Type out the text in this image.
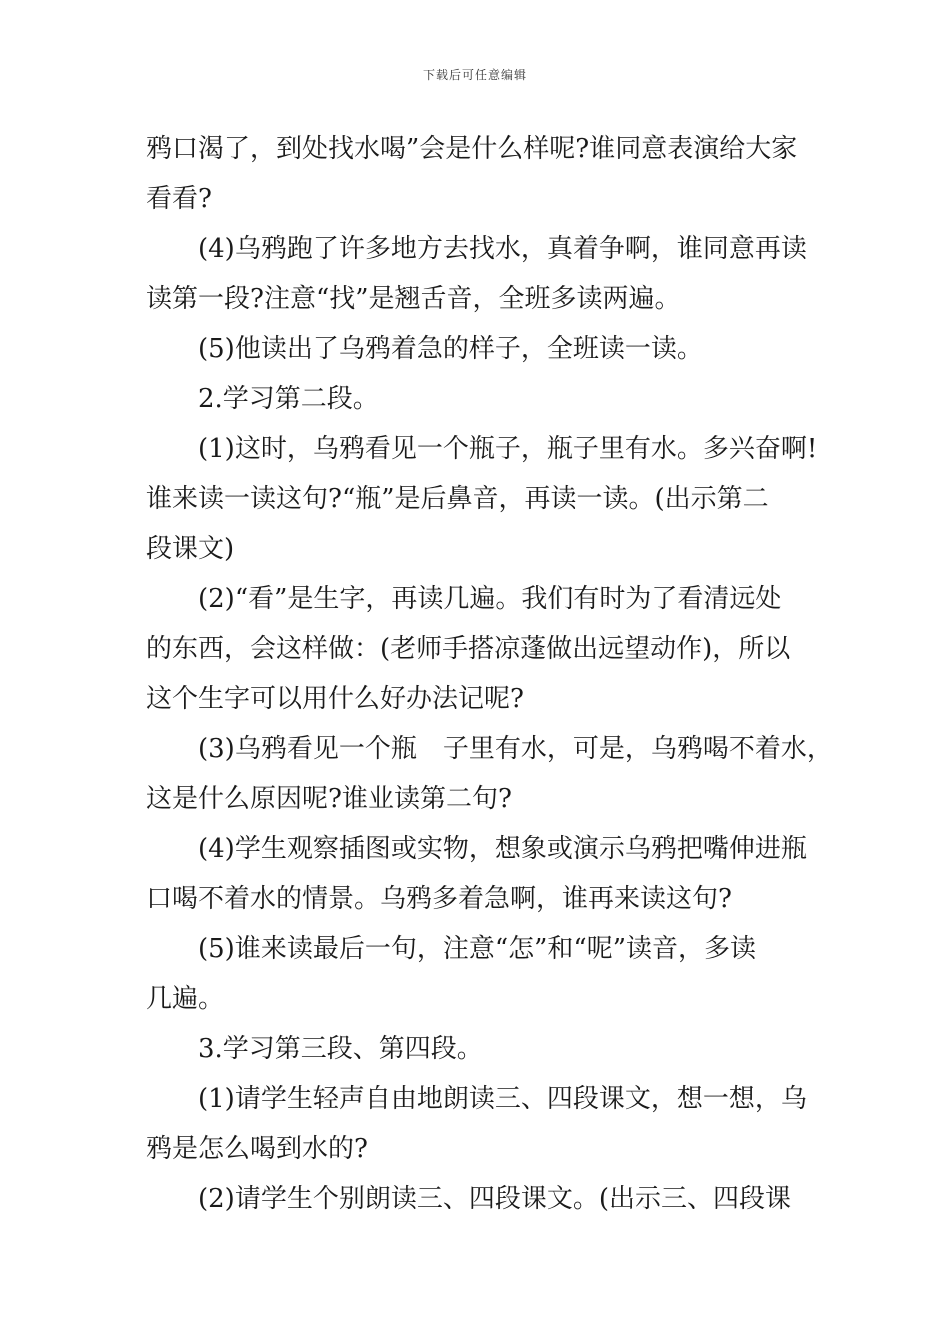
下载后可任意编辑
鸦口渴了，到处找水喝”会是什么样呢?谁同意表演给大家
看看?
(4)乌鸦跑了许多地方去找水，真着争啊，谁同意再读
读第一段?注意“找”是翘舌音，全班多读两遍。
(5)他读出了乌鸦着急的样子，全班读一读。
2.学习第二段。
(1)这时，乌鸦看见一个瓶子，瓶子里有水。多兴奋啊!
谁来读一读这句?“瓶”是后鼻音，再读一读。(出示第二
段课文)
(2)“看”是生字，再读几遍。我们有时为了看清远处
的东西，会这样做：(老师手搭凉蓬做出远望动作)，所以
这个生字可以用什么好办法记呢?
(3)乌鸦看见一个瓶　子里有水，可是，乌鸦喝不着水，
这是什么原因呢?谁业读第二句?
(4)学生观察插图或实物，想象或演示乌鸦把嘴伸进瓶
口喝不着水的情景。乌鸦多着急啊，谁再来读这句?
(5)谁来读最后一句，注意“怎”和“呢”读音，多读
几遍。
3.学习第三段、第四段。
(1)请学生轻声自由地朗读三、四段课文，想一想，乌
鸦是怎么喝到水的?
(2)请学生个别朗读三、四段课文。(出示三、四段课
